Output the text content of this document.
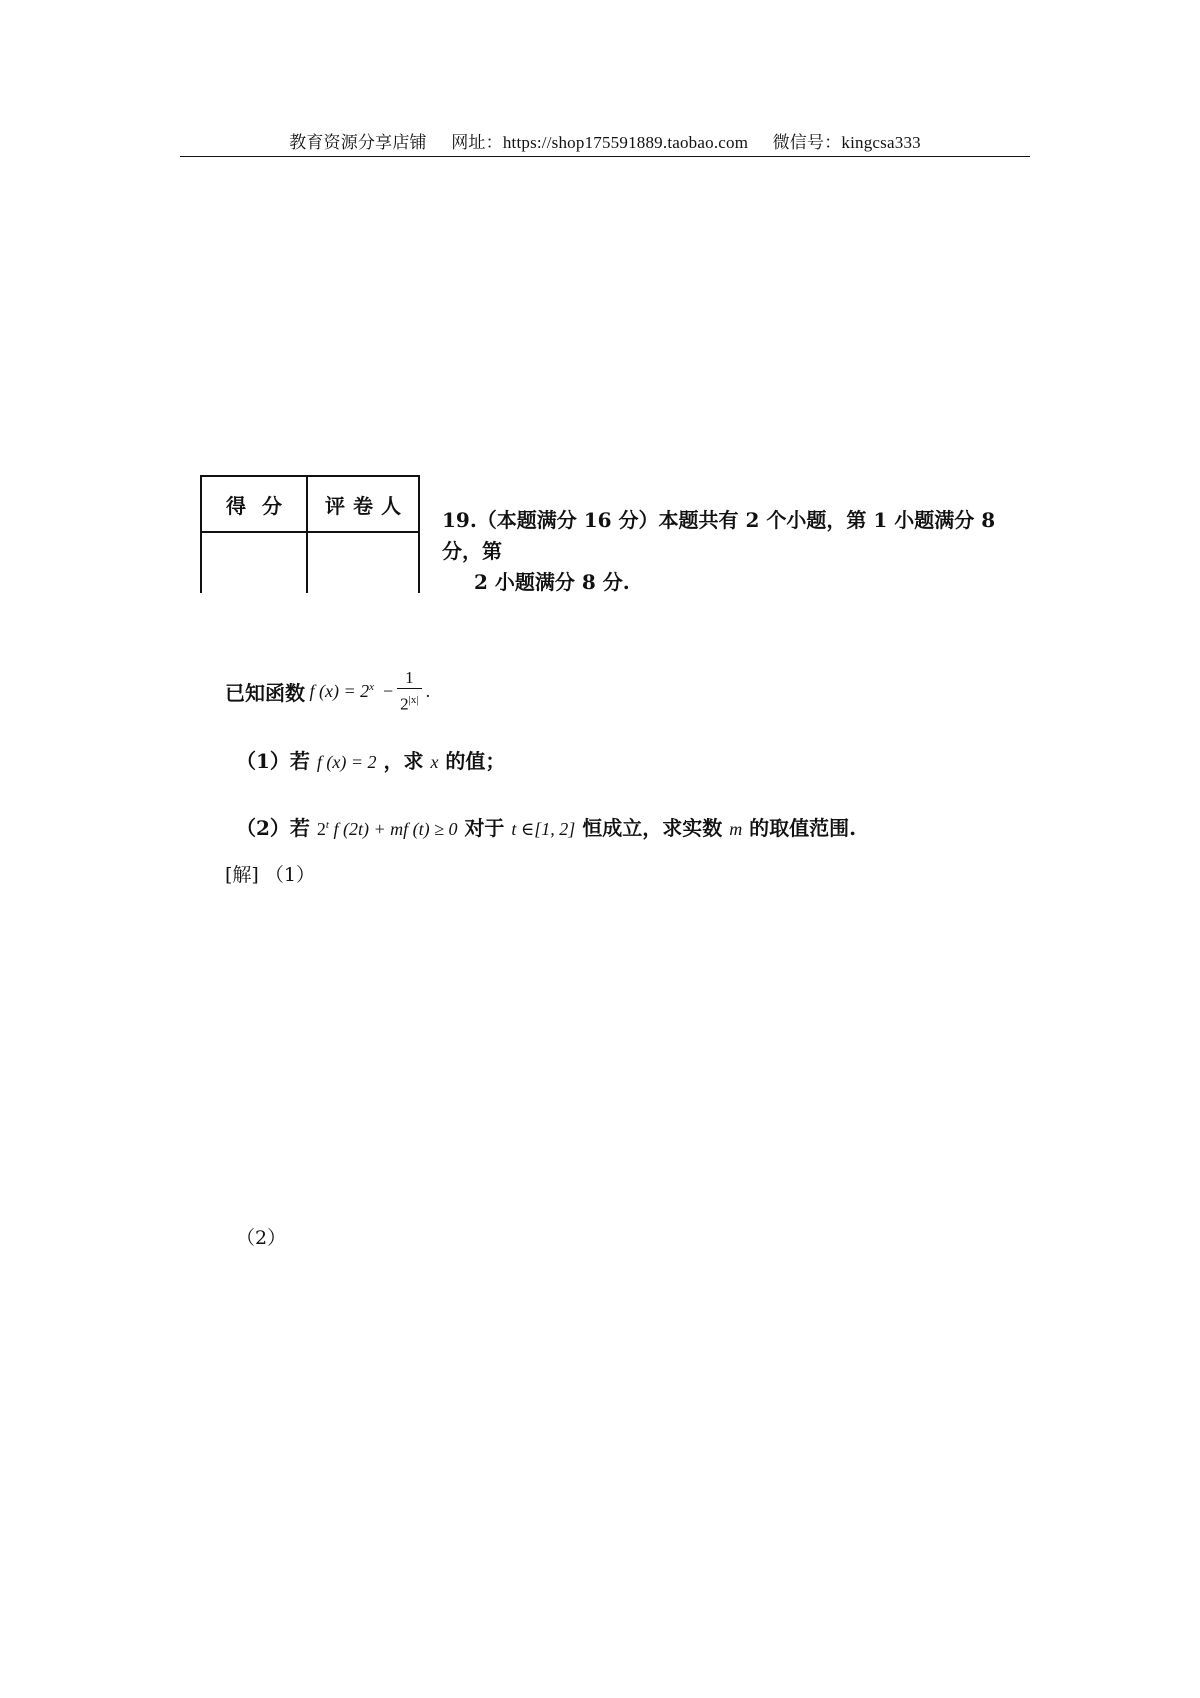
教育资源分享店铺 网址：https://shop175591889.taobao.com 微信号：kingcsa333
得分	评卷人

19.（本题满分 16 分）本题共有 2 个小题，第 1 小题满分 8 分，第
2 小题满分 8 分.
已知函数 f $(x) = 2^x - \frac{1}{2^{|x|}}$ .
（1）若 f (x) = 2 ，求 x 的值；
（2）若 2$^t$ f (2t) + mf (t) ≥ 0 对于 t ∈[1, 2] 恒成立，求实数 m 的取值范围.
[解] （1）
（2）
